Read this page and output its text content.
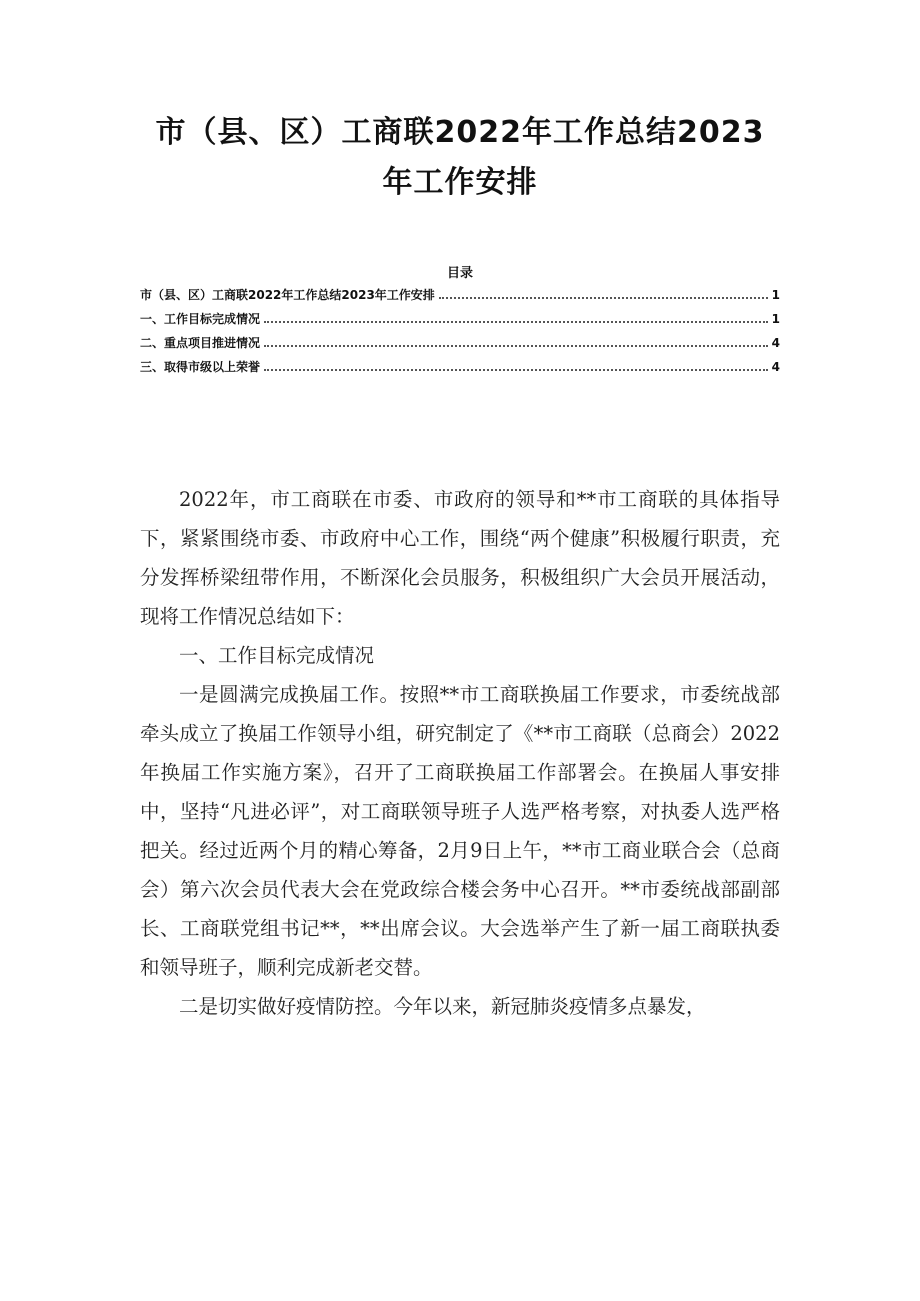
市（县、区）工商联2022年工作总结2023
年工作安排
目录
市（县、区）工商联2022年工作总结2023年工作安排	1
一、工作目标完成情况	1
二、重点项目推进情况	4
三、取得市级以上荣誉	4

2022年，市工商联在市委、市政府的领导和**市工商联的具体指导下，紧紧围绕市委、市政府中心工作，围绕“两个健康”积极履行职责，充分发挥桥梁纽带作用，不断深化会员服务，积极组织广大会员开展活动，现将工作情况总结如下：

一、工作目标完成情况

一是圆满完成换届工作。按照**市工商联换届工作要求，市委统战部牵头成立了换届工作领导小组，研究制定了《**市工商联（总商会）2022年换届工作实施方案》，召开了工商联换届工作部署会。在换届人事安排中，坚持“凡进必评”，对工商联领导班子人选严格考察，对执委人选严格把关。经过近两个月的精心筹备，2月9日上午，**市工商业联合会（总商会）第六次会员代表大会在党政综合楼会务中心召开。**市委统战部副部长、工商联党组书记**，**出席会议。大会选举产生了新一届工商联执委和领导班子，顺利完成新老交替。

二是切实做好疫情防控。今年以来，新冠肺炎疫情多点暴发，
